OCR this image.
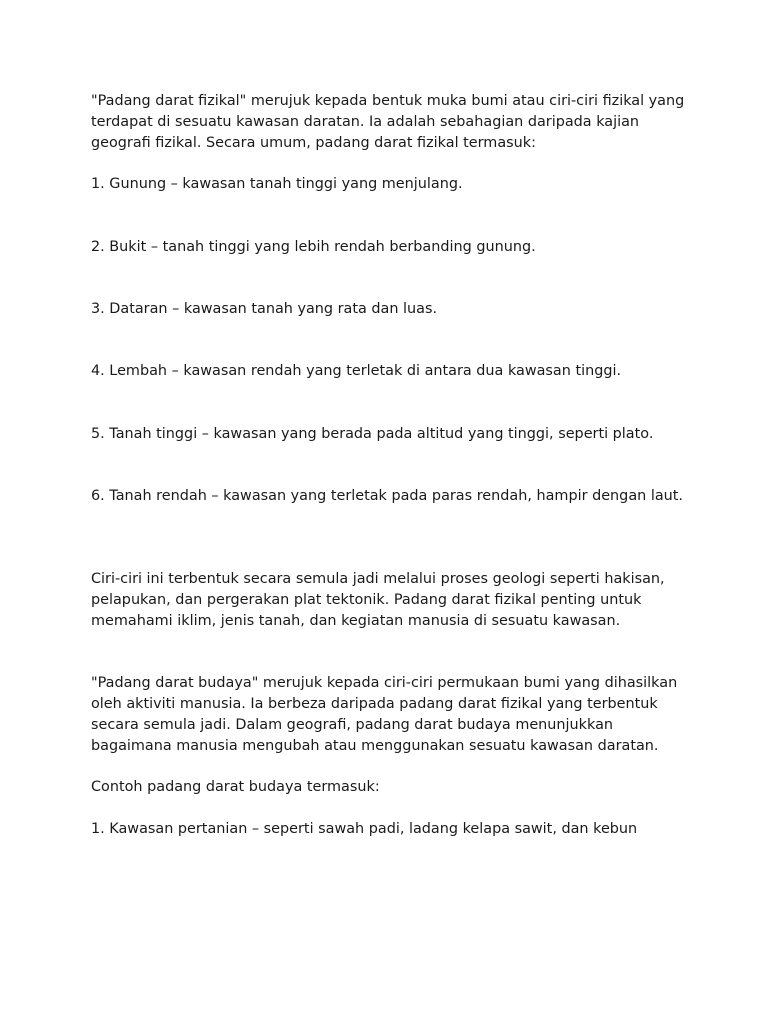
"Padang darat fizikal" merujuk kepada bentuk muka bumi atau ciri-ciri fizikal yang terdapat di sesuatu kawasan daratan. Ia adalah sebahagian daripada kajian geografi fizikal. Secara umum, padang darat fizikal termasuk:

1. Gunung – kawasan tanah tinggi yang menjulang.

2. Bukit – tanah tinggi yang lebih rendah berbanding gunung.

3. Dataran – kawasan tanah yang rata dan luas.

4. Lembah – kawasan rendah yang terletak di antara dua kawasan tinggi.

5. Tanah tinggi – kawasan yang berada pada altitud yang tinggi, seperti plato.

6. Tanah rendah – kawasan yang terletak pada paras rendah, hampir dengan laut.

Ciri-ciri ini terbentuk secara semula jadi melalui proses geologi seperti hakisan, pelapukan, dan pergerakan plat tektonik. Padang darat fizikal penting untuk memahami iklim, jenis tanah, dan kegiatan manusia di sesuatu kawasan.

"Padang darat budaya" merujuk kepada ciri-ciri permukaan bumi yang dihasilkan oleh aktiviti manusia. Ia berbeza daripada padang darat fizikal yang terbentuk secara semula jadi. Dalam geografi, padang darat budaya menunjukkan bagaimana manusia mengubah atau menggunakan sesuatu kawasan daratan.

Contoh padang darat budaya termasuk:

1. Kawasan pertanian – seperti sawah padi, ladang kelapa sawit, dan kebun
